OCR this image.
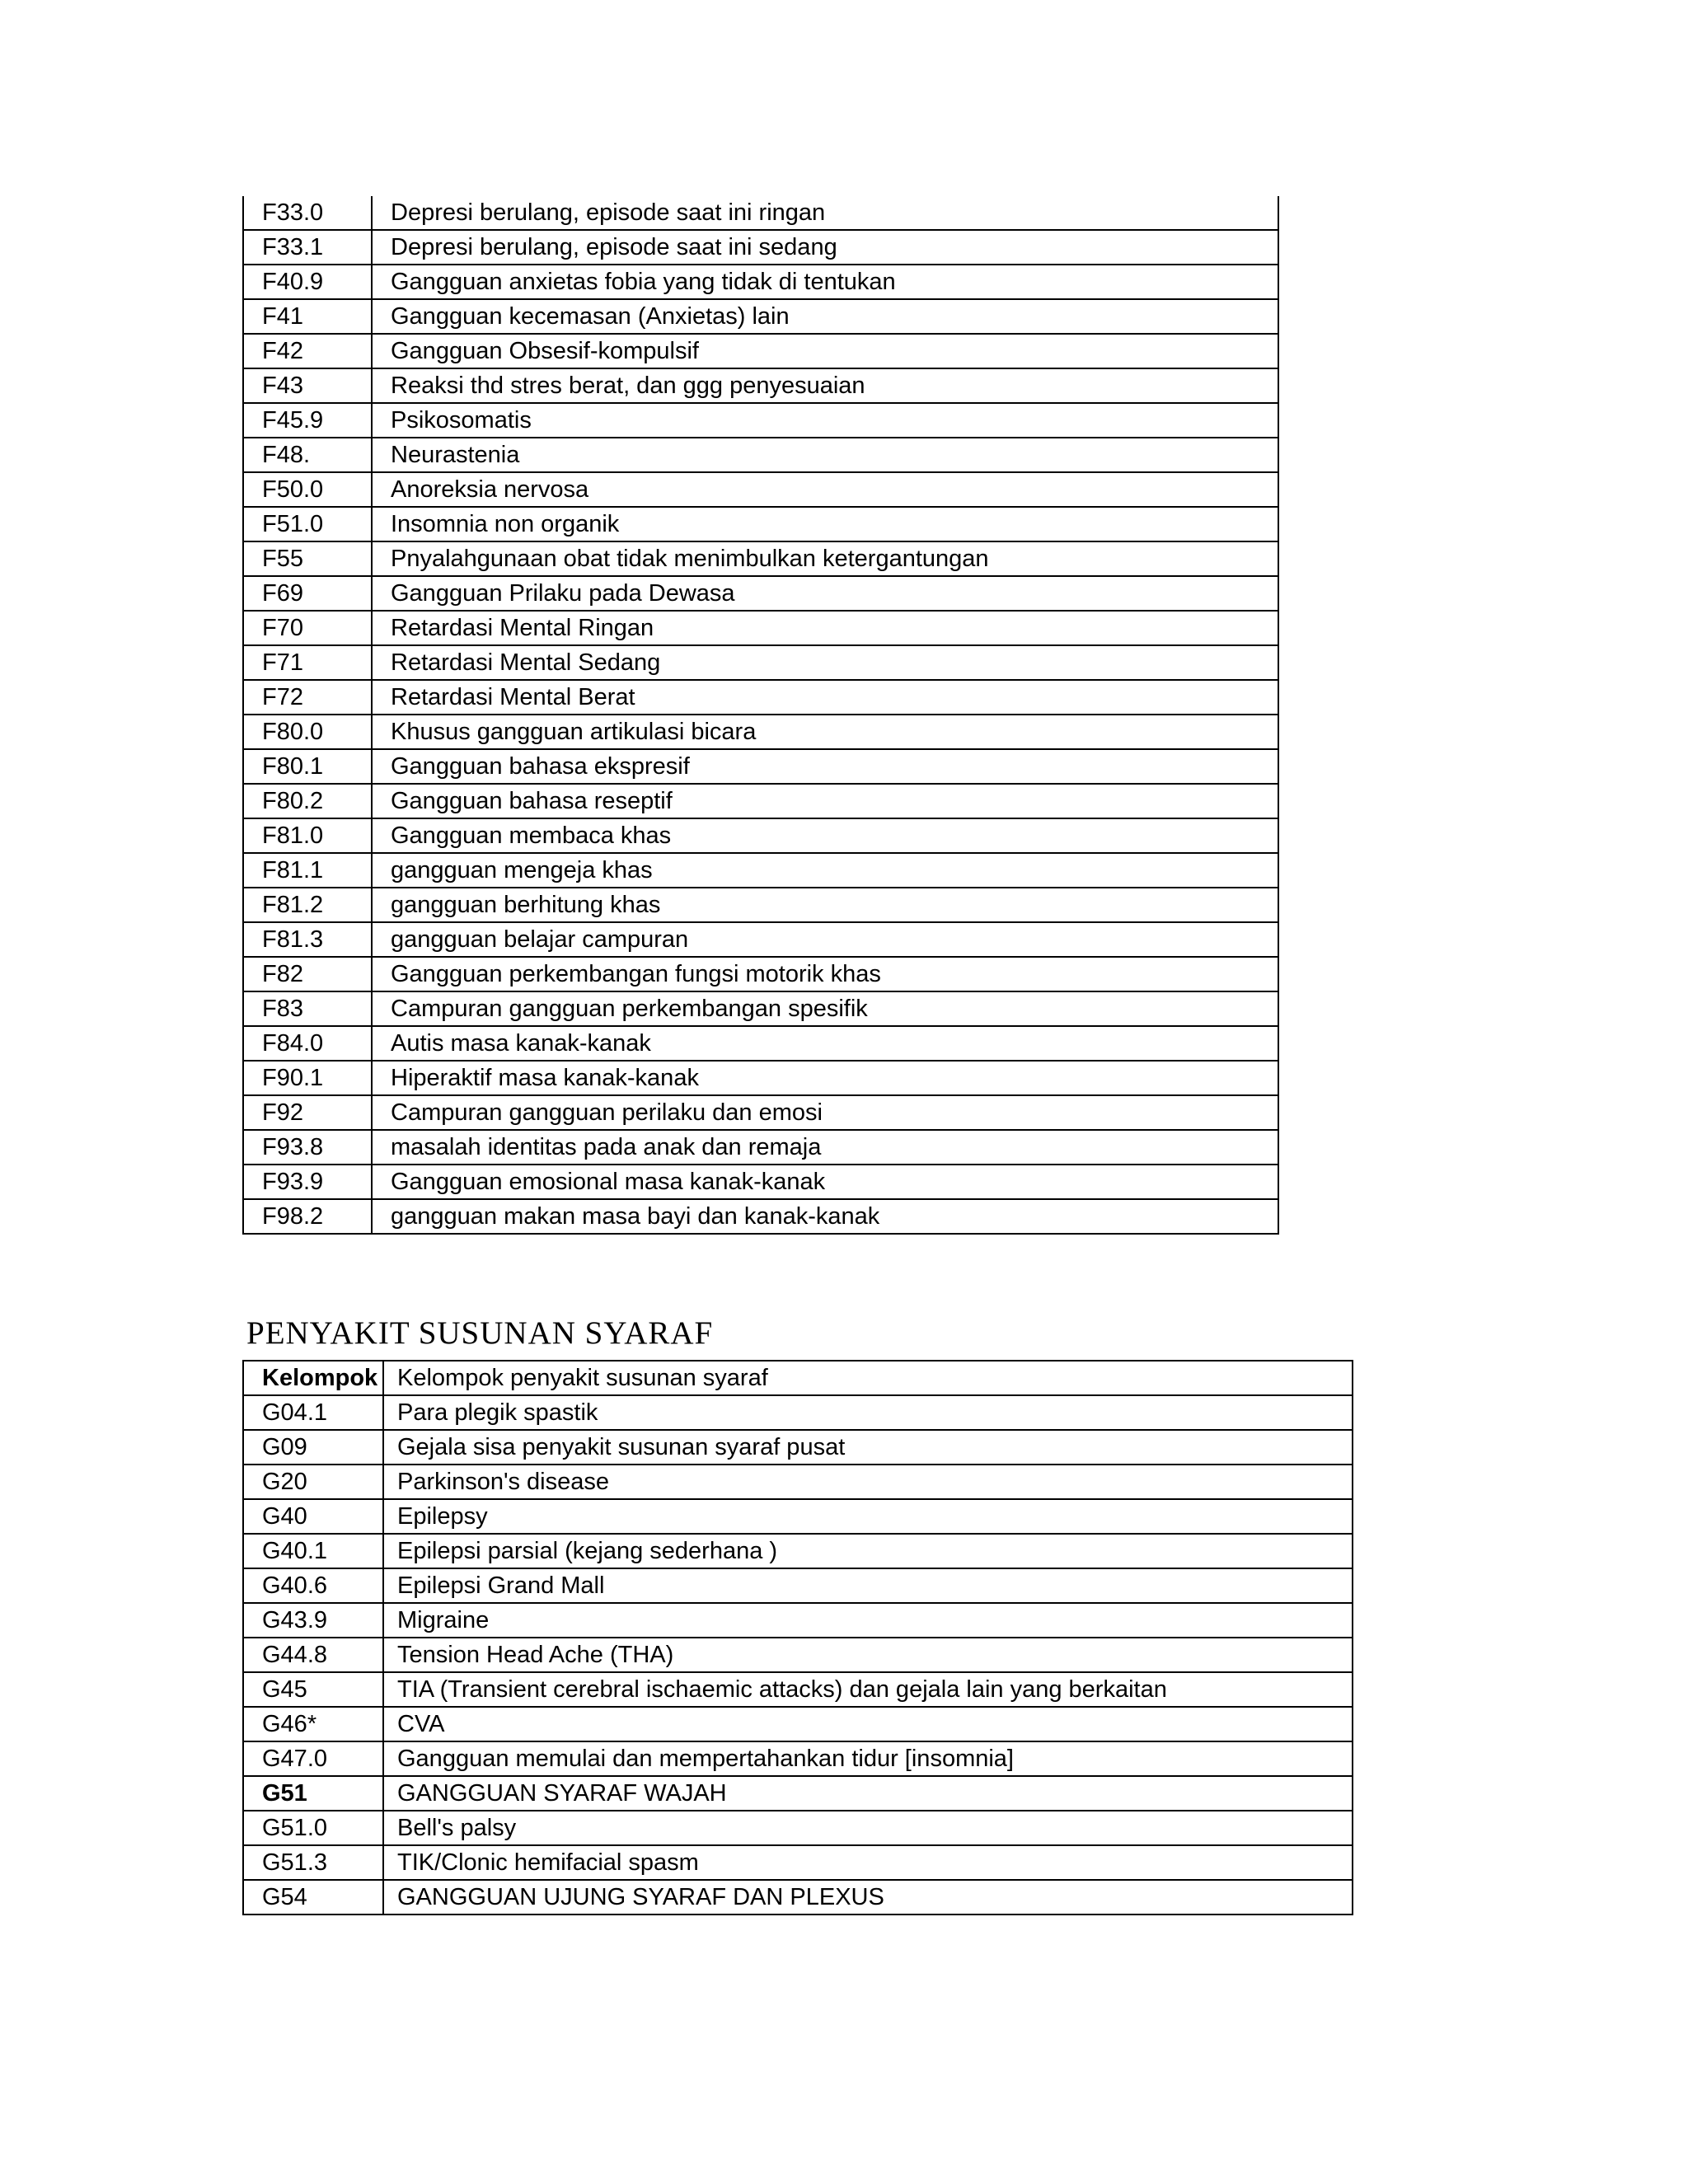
F33.0	Depresi berulang, episode saat ini ringan
F33.1	Depresi berulang, episode saat ini sedang
F40.9	Gangguan anxietas fobia yang tidak di tentukan
F41	Gangguan kecemasan (Anxietas) lain
F42	Gangguan Obsesif-kompulsif
F43	Reaksi thd stres berat, dan ggg penyesuaian
F45.9	Psikosomatis
F48.	Neurastenia
F50.0	Anoreksia nervosa
F51.0	Insomnia non organik
F55	Pnyalahgunaan obat tidak menimbulkan ketergantungan
F69	Gangguan Prilaku pada Dewasa
F70	Retardasi Mental Ringan
F71	Retardasi Mental Sedang
F72	Retardasi Mental Berat
F80.0	Khusus gangguan artikulasi bicara
F80.1	Gangguan bahasa ekspresif
F80.2	Gangguan bahasa reseptif
F81.0	Gangguan membaca khas
F81.1	gangguan mengeja khas
F81.2	gangguan berhitung khas
F81.3	gangguan belajar campuran
F82	Gangguan perkembangan fungsi motorik khas
F83	Campuran gangguan perkembangan spesifik
F84.0	Autis masa kanak-kanak
F90.1	Hiperaktif masa kanak-kanak
F92	Campuran gangguan perilaku dan emosi
F93.8	masalah identitas pada anak dan remaja
F93.9	Gangguan emosional masa kanak-kanak
F98.2	gangguan makan masa bayi dan kanak-kanak
PENYAKIT SUSUNAN SYARAF
Kelompok	Kelompok penyakit susunan syaraf
G04.1	Para plegik spastik
G09	Gejala sisa penyakit susunan syaraf pusat
G20	Parkinson's disease
G40	Epilepsy
G40.1	Epilepsi parsial (kejang sederhana )
G40.6	Epilepsi Grand Mall
G43.9	Migraine
G44.8	Tension Head Ache (THA)
G45	TIA (Transient cerebral ischaemic attacks) dan gejala lain yang berkaitan
G46*	CVA
G47.0	Gangguan memulai dan mempertahankan tidur [insomnia]
G51	GANGGUAN SYARAF WAJAH
G51.0	Bell's palsy
G51.3	TIK/Clonic hemifacial spasm
G54	GANGGUAN UJUNG SYARAF DAN PLEXUS
